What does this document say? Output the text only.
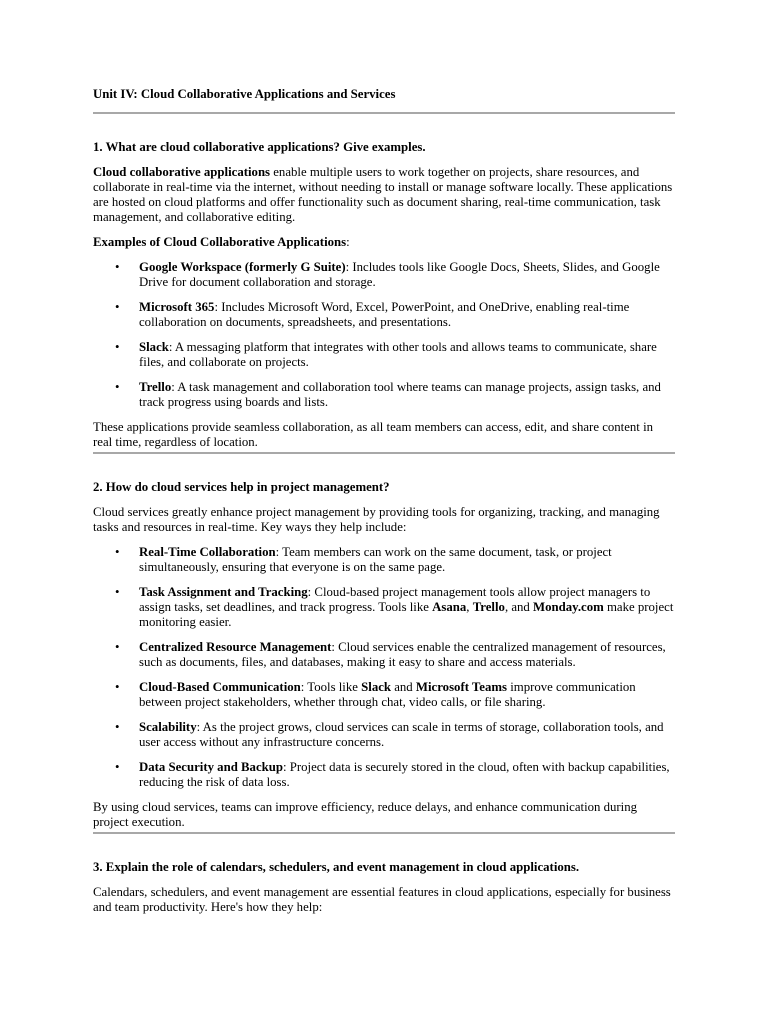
Unit IV: Cloud Collaborative Applications and Services

1. What are cloud collaborative applications? Give examples.

Cloud collaborative applications enable multiple users to work together on projects, share resources, and collaborate in real-time via the internet, without needing to install or manage software locally. These applications are hosted on cloud platforms and offer functionality such as document sharing, real-time communication, task management, and collaborative editing.

Examples of Cloud Collaborative Applications:

• Google Workspace (formerly G Suite): Includes tools like Google Docs, Sheets, Slides, and Google Drive for document collaboration and storage.
• Microsoft 365: Includes Microsoft Word, Excel, PowerPoint, and OneDrive, enabling real-time collaboration on documents, spreadsheets, and presentations.
• Slack: A messaging platform that integrates with other tools and allows teams to communicate, share files, and collaborate on projects.
• Trello: A task management and collaboration tool where teams can manage projects, assign tasks, and track progress using boards and lists.

These applications provide seamless collaboration, as all team members can access, edit, and share content in real time, regardless of location.

2. How do cloud services help in project management?

Cloud services greatly enhance project management by providing tools for organizing, tracking, and managing tasks and resources in real-time. Key ways they help include:

• Real-Time Collaboration: Team members can work on the same document, task, or project simultaneously, ensuring that everyone is on the same page.
• Task Assignment and Tracking: Cloud-based project management tools allow project managers to assign tasks, set deadlines, and track progress. Tools like Asana, Trello, and Monday.com make project monitoring easier.
• Centralized Resource Management: Cloud services enable the centralized management of resources, such as documents, files, and databases, making it easy to share and access materials.
• Cloud-Based Communication: Tools like Slack and Microsoft Teams improve communication between project stakeholders, whether through chat, video calls, or file sharing.
• Scalability: As the project grows, cloud services can scale in terms of storage, collaboration tools, and user access without any infrastructure concerns.
• Data Security and Backup: Project data is securely stored in the cloud, often with backup capabilities, reducing the risk of data loss.

By using cloud services, teams can improve efficiency, reduce delays, and enhance communication during project execution.

3. Explain the role of calendars, schedulers, and event management in cloud applications.

Calendars, schedulers, and event management are essential features in cloud applications, especially for business and team productivity. Here's how they help:
